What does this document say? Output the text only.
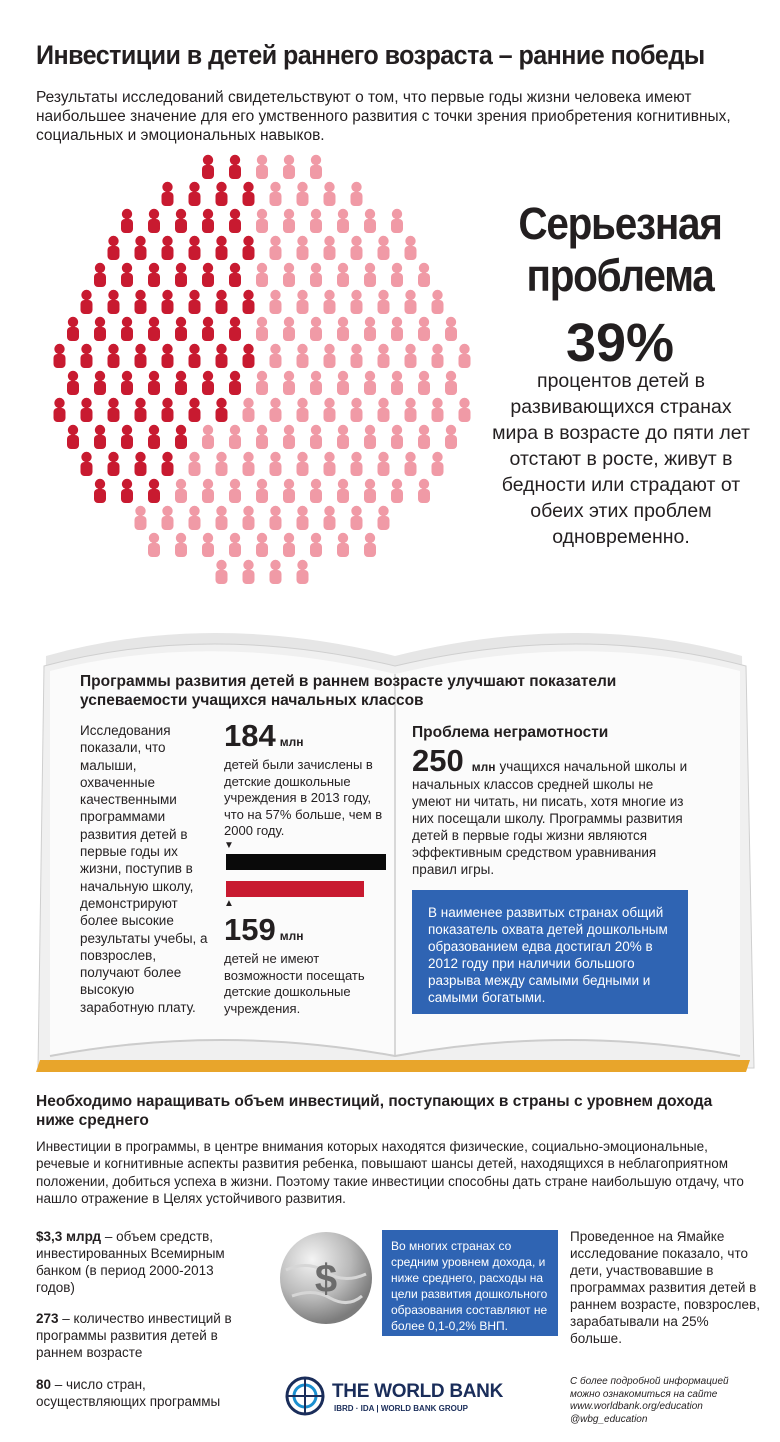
Инвестиции в детей раннего возраста – ранние победы
Результаты исследований свидетельствуют о том, что первые годы жизни человека имеют наибольшее значение для его умственного развития с точки зрения приобретения когнитивных, социальных и эмоциональных навыков.
Серьезная
проблема
39%
процентов детей в развивающихся странах мира в возрасте до пяти лет отстают в росте, живут в бедности или страдают от обеих этих проблем одновременно.
Программы развития детей в раннем возрасте улучшают показатели успеваемости учащихся начальных классов
Исследования показали, что малыши, охваченные качественными программами развития детей в первые годы их жизни, поступив в начальную школу, демонстрируют более высокие результаты учебы, а повзрослев, получают более высокую заработную плату.
184 млн
детей были зачислены в детские дошкольные учреждения в 2013 году, что на 57% больше, чем в 2000 году.
▼
▲
159 млн
детей не имеют возможности посещать детские дошкольные учреждения.
Проблема неграмотности
250 млн учащихся начальной школы и начальных классов средней школы не умеют ни читать, ни писать, хотя многие из них посещали школу. Программы развития детей в первые годы жизни являются эффективным средством уравнивания правил игры.
В наименее развитых странах общий показатель охвата детей дошкольным образованием едва достигал 20% в 2012 году при наличии большого разрыва между самыми бедными и самыми богатыми.
Необходимо наращивать объем инвестиций, поступающих в страны с уровнем дохода ниже среднего
Инвестиции в программы, в центре внимания которых находятся физические, социально-эмоциональные, речевые и когнитивные аспекты развития ребенка, повышают шансы детей, находящихся в неблагоприятном положении, добиться успеха в жизни. Поэтому такие инвестиции способны дать стране наибольшую отдачу, что нашло отражение в Целях устойчивого развития.
$3,3 млрд – объем средств, инвестированных Всемирным банком (в период 2000-2013 годов)
273 – количество инвестиций в программы развития детей в раннем возрасте
80 – число стран, осуществляющих программы
$
Во многих странах со средним уровнем дохода, и ниже среднего, расходы на цели развития дошкольного образования составляют не более 0,1-0,2% ВНП.
Проведенное на Ямайке исследование показало, что дети, участвовавшие в программах развития детей в раннем возрасте, повзрослев, зарабатывали на 25% больше.
THE WORLD BANK
IBRD · IDA | WORLD BANK GROUP
С более подробной информацией можно ознакомиться на сайте
www.worldbank.org/education
@wbg_education
